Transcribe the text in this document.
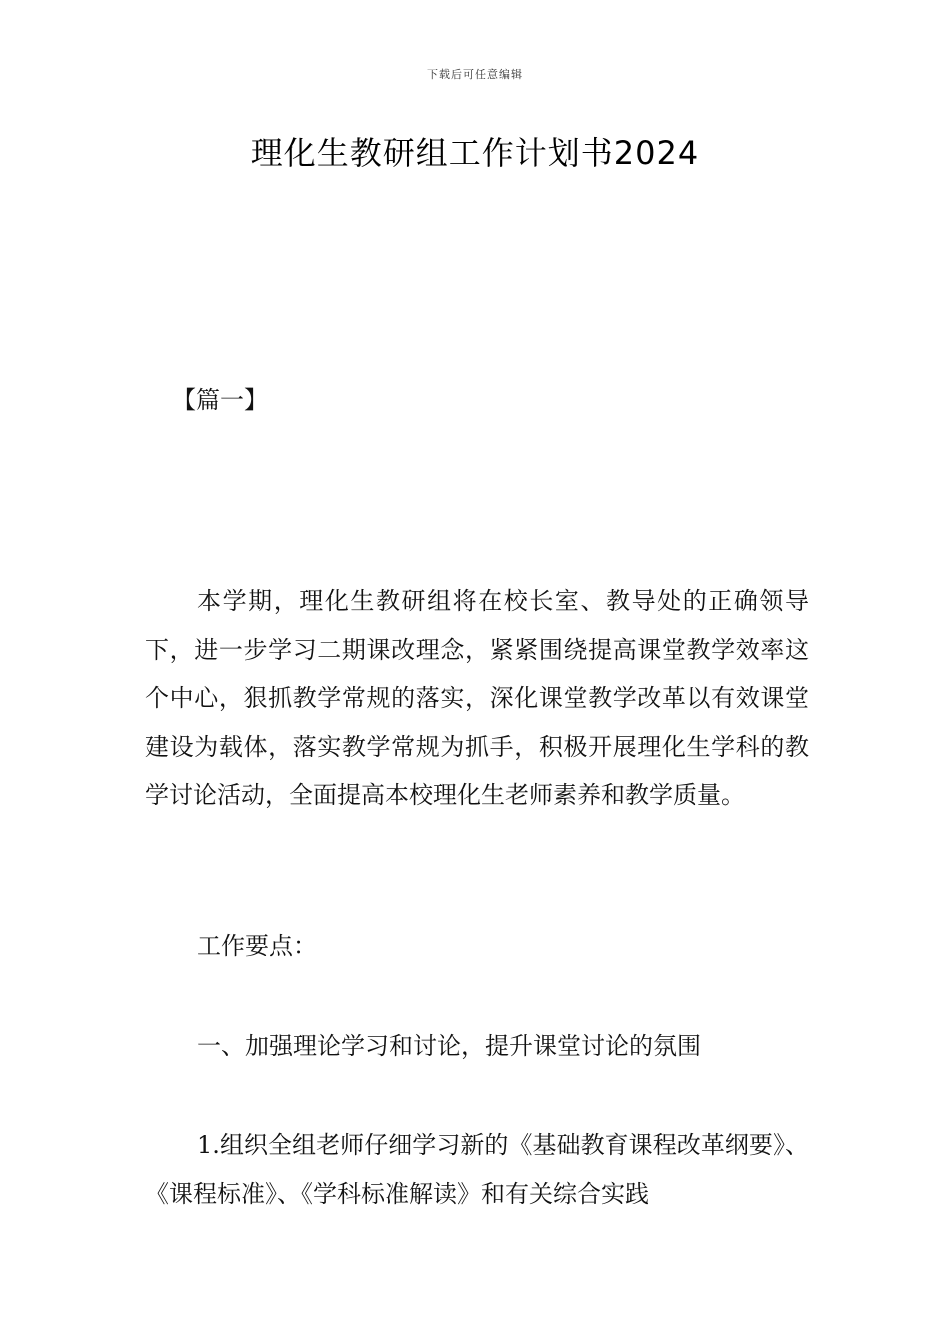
下载后可任意编辑
理化生教研组工作计划书2024
【篇一】

本学期，理化生教研组将在校长室、教导处的正确领导下，进一步学习二期课改理念，紧紧围绕提高课堂教学效率这个中心，狠抓教学常规的落实，深化课堂教学改革以有效课堂建设为载体，落实教学常规为抓手，积极开展理化生学科的教学讨论活动，全面提高本校理化生老师素养和教学质量。

工作要点：

一、加强理论学习和讨论，提升课堂讨论的氛围

1.组织全组老师仔细学习新的《基础教育课程改革纲要》、《课程标准》、《学科标准解读》和有关综合实践
